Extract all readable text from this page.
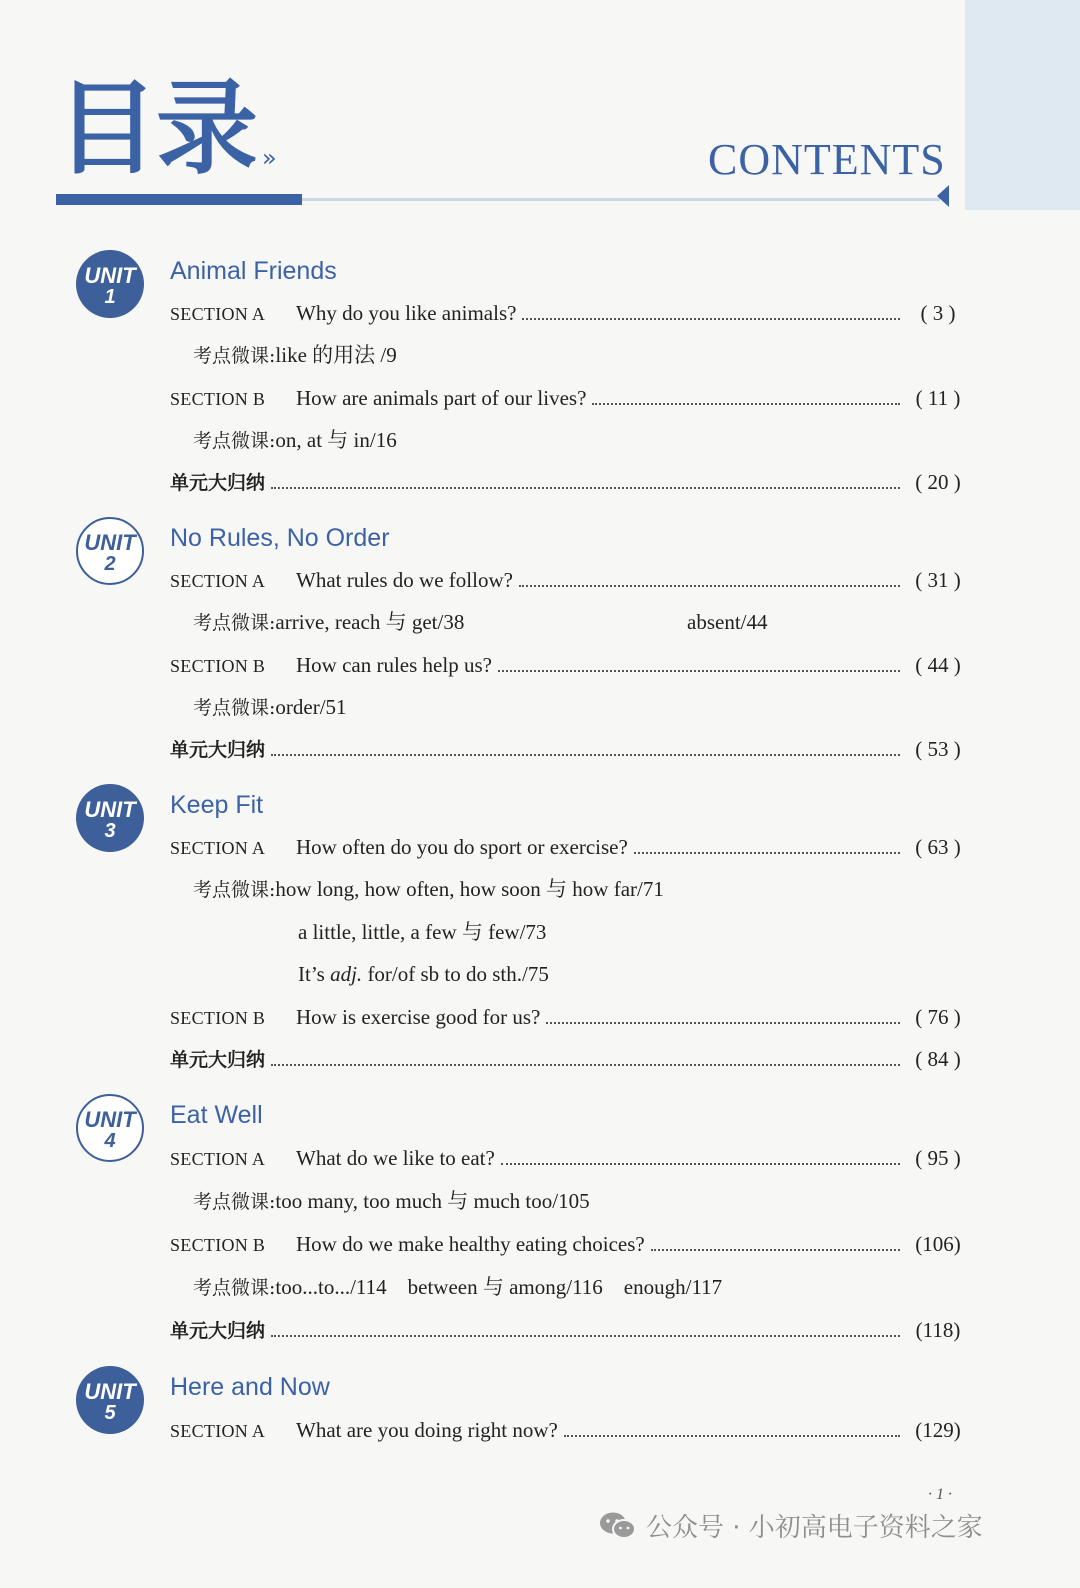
目录 »	CONTENTS
UNIT
1
Animal Friends
SECTION A	Why do you like animals?	( 3 )
考点微课:like 的用法 /9
SECTION B	How are animals part of our lives?	( 11 )
考点微课:on, at 与 in/16
单元大归纳	( 20 )
UNIT
2
No Rules, No Order
SECTION A	What rules do we follow?	( 31 )
考点微课:arrive, reach 与 get/38	absent/44
SECTION B	How can rules help us?	( 44 )
考点微课:order/51
单元大归纳	( 53 )
UNIT
3
Keep Fit
SECTION A	How often do you do sport or exercise?	( 63 )
考点微课:how long, how often, how soon 与 how far/71
a little, little, a few 与 few/73
It’s adj. for/of sb to do sth./75
SECTION B	How is exercise good for us?	( 76 )
单元大归纳	( 84 )
UNIT
4
Eat Well
SECTION A	What do we like to eat?	( 95 )
考点微课:too many, too much 与 much too/105
SECTION B	How do we make healthy eating choices?	(106)
考点微课:too...to.../114    between 与 among/116    enough/117
单元大归纳	(118)
UNIT
5
Here and Now
SECTION A	What are you doing right now?	(129)
· 1 ·
公众号 · 小初高电子资料之家
